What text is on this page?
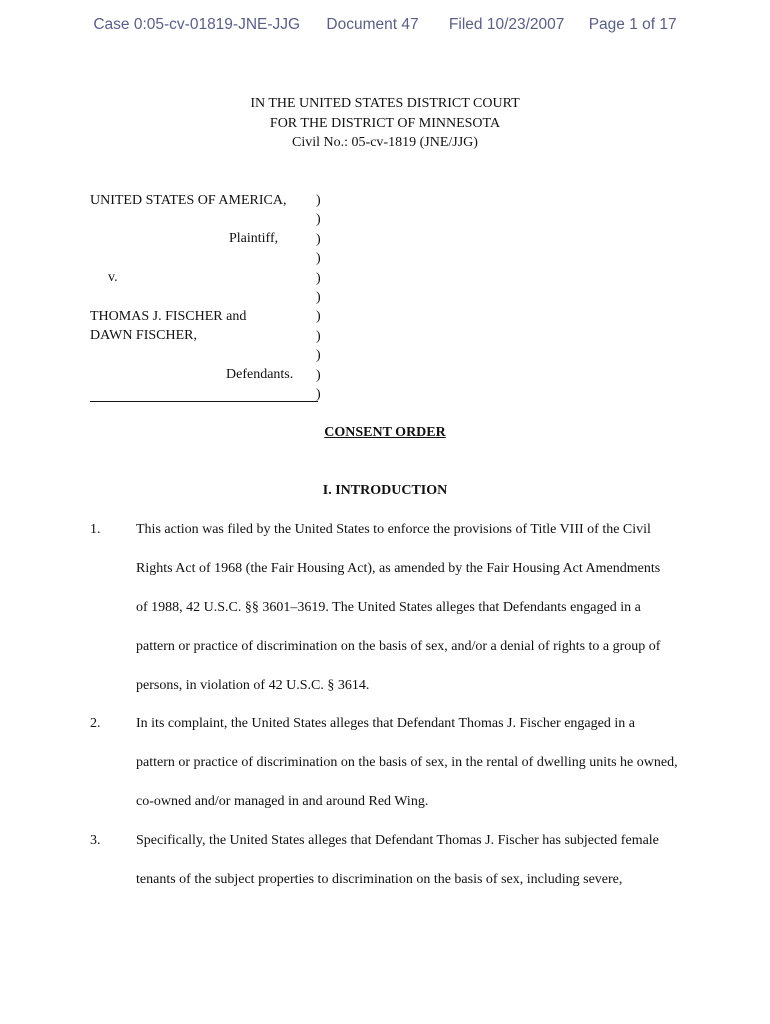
Case 0:05-cv-01819-JNE-JJG Document 47 Filed 10/23/2007 Page 1 of 17
IN THE UNITED STATES DISTRICT COURT
FOR THE DISTRICT OF MINNESOTA
Civil No.: 05-cv-1819 (JNE/JJG)
UNITED STATES OF AMERICA,
Plaintiff,
v.
THOMAS J. FISCHER and
DAWN FISCHER,
Defendants.
)
)
)
)
)
)
)
)
)
)
)
CONSENT ORDER
I. INTRODUCTION
1.	This action was filed by the United States to enforce the provisions of Title VIII of the Civil
Rights Act of 1968 (the Fair Housing Act), as amended by the Fair Housing Act Amendments
of 1988, 42 U.S.C. §§ 3601–3619. The United States alleges that Defendants engaged in a
pattern or practice of discrimination on the basis of sex, and/or a denial of rights to a group of
persons, in violation of 42 U.S.C. § 3614.
2.	In its complaint, the United States alleges that Defendant Thomas J. Fischer engaged in a
pattern or practice of discrimination on the basis of sex, in the rental of dwelling units he owned,
co-owned and/or managed in and around Red Wing.
3.	Specifically, the United States alleges that Defendant Thomas J. Fischer has subjected female
tenants of the subject properties to discrimination on the basis of sex, including severe,
